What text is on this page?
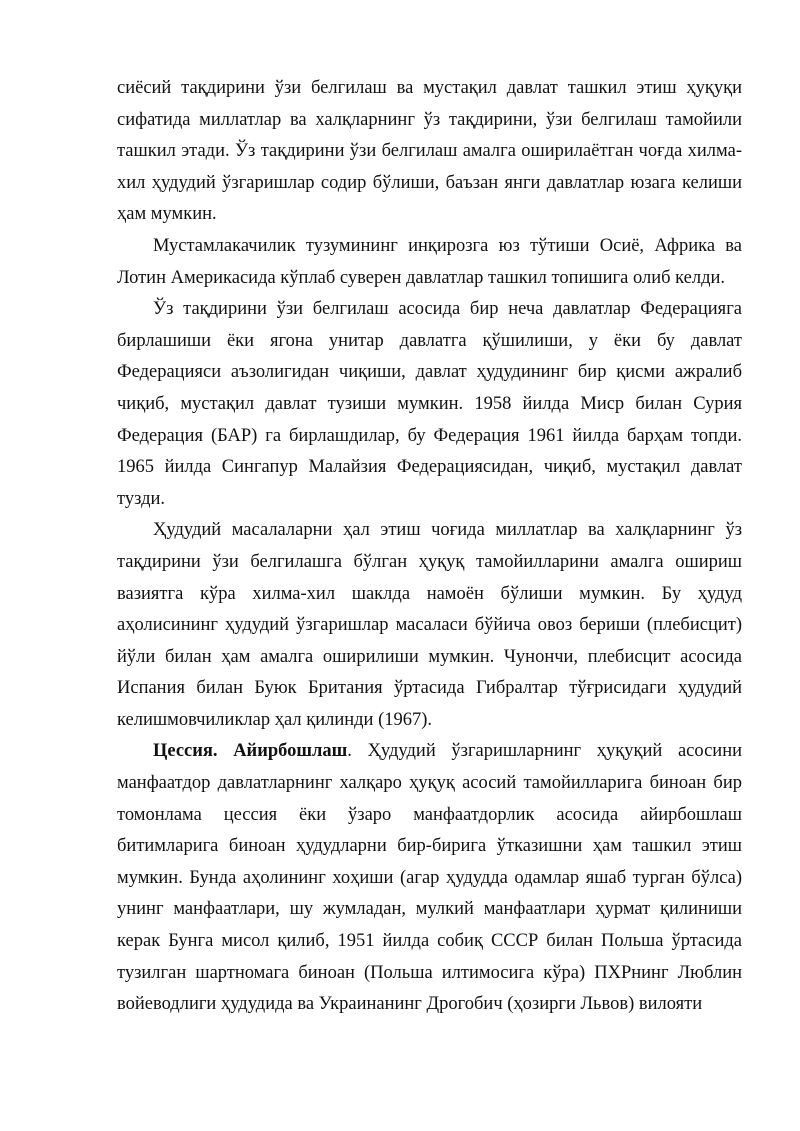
сиёсий тақдирини ўзи белгилаш ва мустақил давлат ташкил этиш ҳуқуқи сифатида миллатлар ва халқларнинг ўз тақдирини, ўзи белгилаш тамойили ташкил этади. Ўз тақдирини ўзи белгилаш амалга оширилаётган чоғда хилма-хил ҳудудий ўзгаришлар содир бўлиши, баъзан янги давлатлар юзага келиши ҳам мумкин.

Мустамлакачилик тузумининг инқирозга юз тўтиши Осиё, Африка ва Лотин Америкасида кўплаб суверен давлатлар ташкил топишига олиб келди.

Ўз тақдирини ўзи белгилаш асосида бир неча давлатлар Федерацияга бирлашиши ёки ягона унитар давлатга қўшилиши, у ёки бу давлат Федерацияси аъзолигидан чиқиши, давлат ҳудудининг бир қисми ажралиб чиқиб, мустақил давлат тузиши мумкин. 1958 йилда Миср билан Сурия Федерация (БАР) га бирлашдилар, бу Федерация 1961 йилда барҳам топди. 1965 йилда Сингапур Малайзия Федерациясидан, чиқиб, мустақил давлат тузди.

Ҳудудий масалаларни ҳал этиш чоғида миллатлар ва халқларнинг ўз тақдирини ўзи белгилашга бўлган ҳуқуқ тамойилларини амалга ошириш вазиятга кўра хилма-хил шаклда намоён бўлиши мумкин. Бу ҳудуд аҳолисининг ҳудудий ўзгаришлар масаласи бўйича овоз бериши (плебисцит) йўли билан ҳам амалга оширилиши мумкин. Чунончи, плебисцит асосида Испания билан Буюк Британия ўртасида Гибралтар тўғрисидаги ҳудудий келишмовчиликлар ҳал қилинди (1967).

Цессия. Айирбошлаш. Ҳудудий ўзгаришларнинг ҳуқуқий асосини манфаатдор давлатларнинг халқаро ҳуқуқ асосий тамойилларига биноан бир томонлама цессия ёки ўзаро манфаатдорлик асосида айирбошлаш битимларига биноан ҳудудларни бир-бирига ўтказишни ҳам ташкил этиш мумкин. Бунда аҳолининг хоҳиши (агар ҳудудда одамлар яшаб турган бўлса) унинг манфаатлари, шу жумладан, мулкий манфаатлари ҳурмат қилиниши керак Бунга мисол қилиб, 1951 йилда собиқ СССР билан Польша ўртасида тузилган шартномага биноан (Польша илтимосига кўра) ПХРнинг Люблин войеводлиги ҳудудида ва Украинанинг Дрогобич (ҳозирги Львов) вилояти
